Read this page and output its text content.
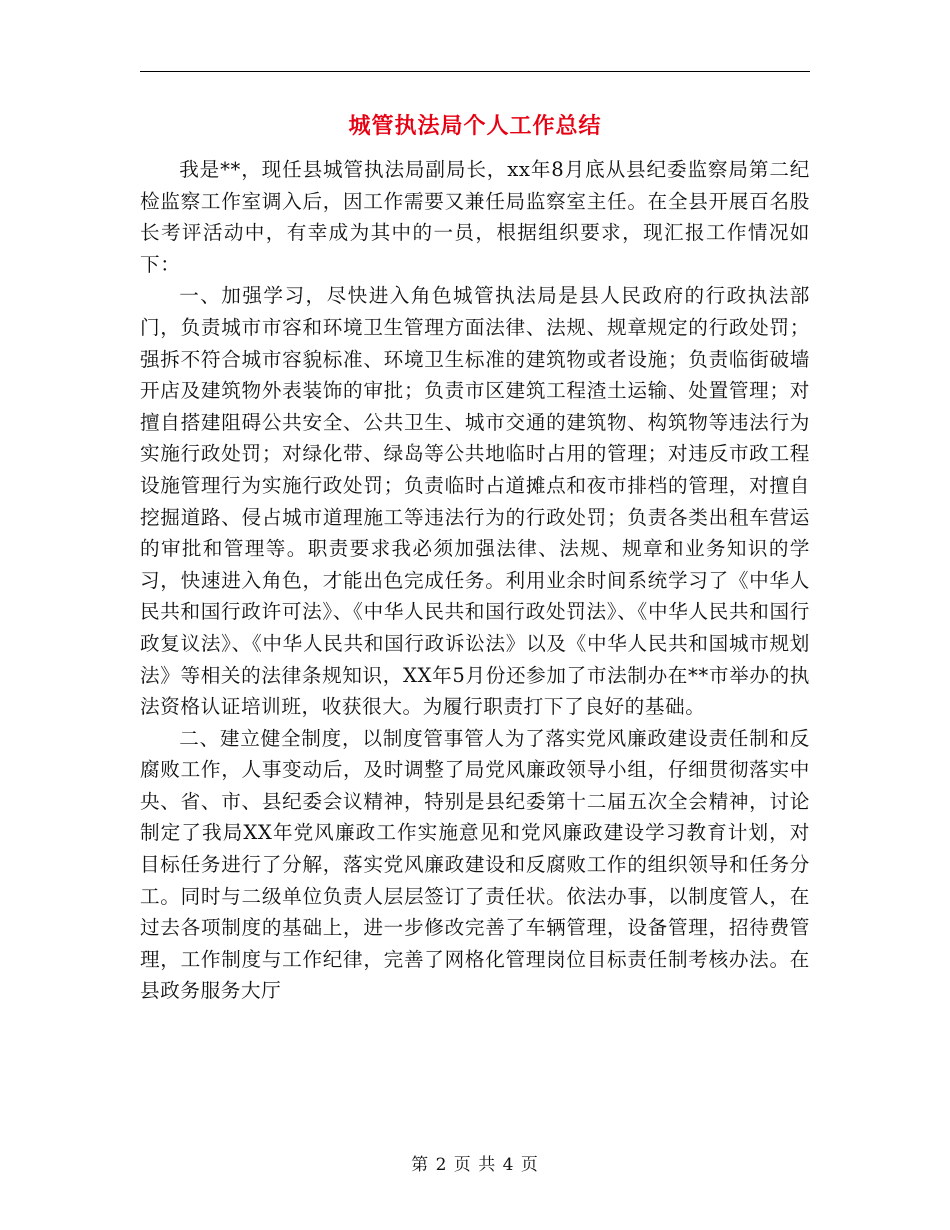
城管执法局个人工作总结

我是**，现任县城管执法局副局长，xx年8月底从县纪委监察局第二纪检监察工作室调入后，因工作需要又兼任局监察室主任。在全县开展百名股长考评活动中，有幸成为其中的一员，根据组织要求，现汇报工作情况如下：

一、加强学习，尽快进入角色城管执法局是县人民政府的行政执法部门，负责城市市容和环境卫生管理方面法律、法规、规章规定的行政处罚；强拆不符合城市容貌标准、环境卫生标准的建筑物或者设施；负责临街破墙开店及建筑物外表装饰的审批；负责市区建筑工程渣土运输、处置管理；对擅自搭建阻碍公共安全、公共卫生、城市交通的建筑物、构筑物等违法行为实施行政处罚；对绿化带、绿岛等公共地临时占用的管理；对违反市政工程设施管理行为实施行政处罚；负责临时占道摊点和夜市排档的管理，对擅自挖掘道路、侵占城市道理施工等违法行为的行政处罚；负责各类出租车营运的审批和管理等。职责要求我必须加强法律、法规、规章和业务知识的学习，快速进入角色，才能出色完成任务。利用业余时间系统学习了《中华人民共和国行政许可法》、《中华人民共和国行政处罚法》、《中华人民共和国行政复议法》、《中华人民共和国行政诉讼法》以及《中华人民共和国城市规划法》等相关的法律条规知识，XX年5月份还参加了市法制办在**市举办的执法资格认证培训班，收获很大。为履行职责打下了良好的基础。

二、建立健全制度，以制度管事管人为了落实党风廉政建设责任制和反腐败工作，人事变动后，及时调整了局党风廉政领导小组，仔细贯彻落实中央、省、市、县纪委会议精神，特别是县纪委第十二届五次全会精神，讨论制定了我局XX年党风廉政工作实施意见和党风廉政建设学习教育计划，对目标任务进行了分解，落实党风廉政建设和反腐败工作的组织领导和任务分工。同时与二级单位负责人层层签订了责任状。依法办事，以制度管人，在过去各项制度的基础上，进一步修改完善了车辆管理，设备管理，招待费管理，工作制度与工作纪律，完善了网格化管理岗位目标责任制考核办法。在县政务服务大厅

第 2 页 共 4 页
